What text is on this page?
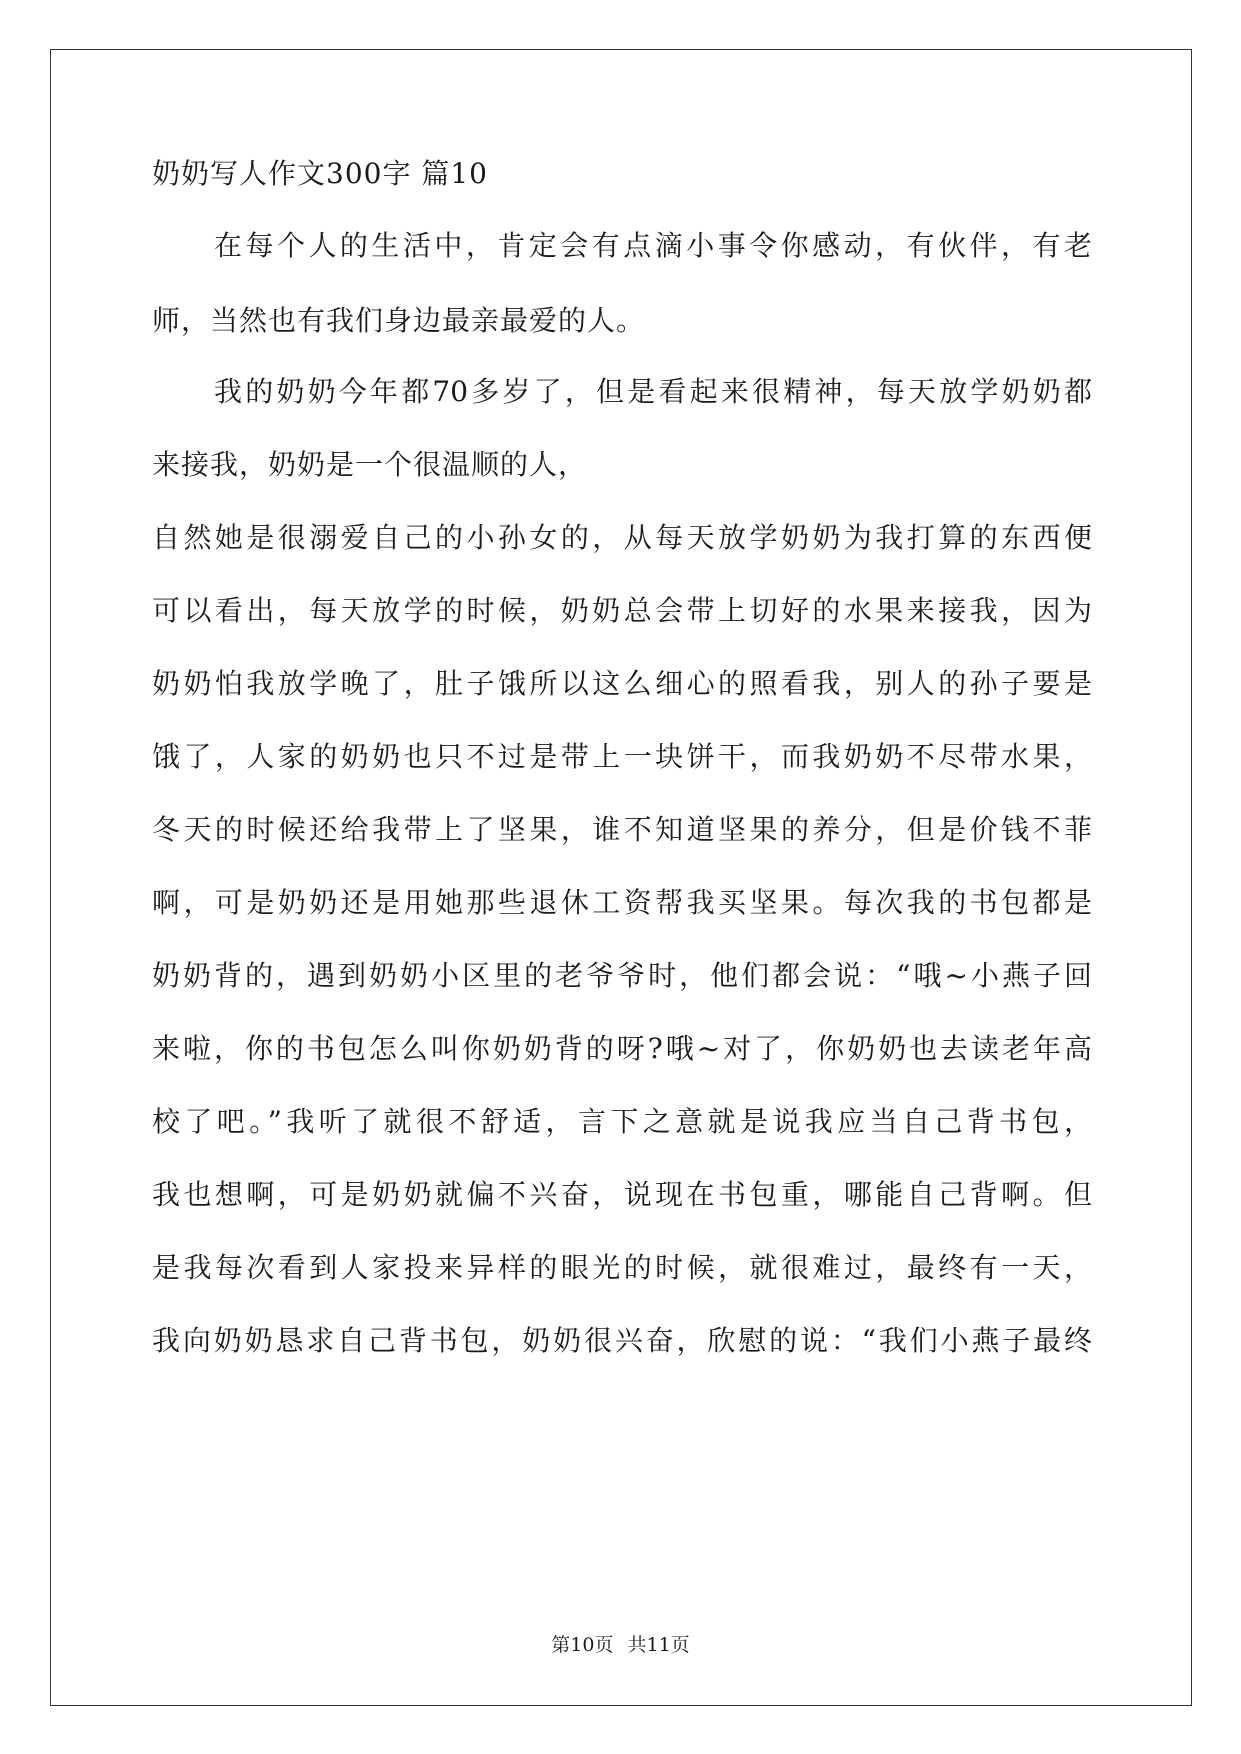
奶奶写人作文300字 篇10
在每个人的生活中，肯定会有点滴小事令你感动，有伙伴，有老
师，当然也有我们身边最亲最爱的人。
我的奶奶今年都70多岁了，但是看起来很精神，每天放学奶奶都
来接我，奶奶是一个很温顺的人，
自然她是很溺爱自己的小孙女的，从每天放学奶奶为我打算的东西便
可以看出，每天放学的时候，奶奶总会带上切好的水果来接我，因为
奶奶怕我放学晚了，肚子饿所以这么细心的照看我，别人的孙子要是
饿了，人家的奶奶也只不过是带上一块饼干，而我奶奶不尽带水果，
冬天的时候还给我带上了坚果，谁不知道坚果的养分，但是价钱不菲
啊，可是奶奶还是用她那些退休工资帮我买坚果。每次我的书包都是
奶奶背的，遇到奶奶小区里的老爷爷时，他们都会说：“哦~小燕子回
来啦，你的书包怎么叫你奶奶背的呀?哦~对了，你奶奶也去读老年高
校了吧。”我听了就很不舒适，言下之意就是说我应当自己背书包，
我也想啊，可是奶奶就偏不兴奋，说现在书包重，哪能自己背啊。但
是我每次看到人家投来异样的眼光的时候，就很难过，最终有一天，
我向奶奶恳求自己背书包，奶奶很兴奋，欣慰的说：“我们小燕子最终
第10页 共11页
